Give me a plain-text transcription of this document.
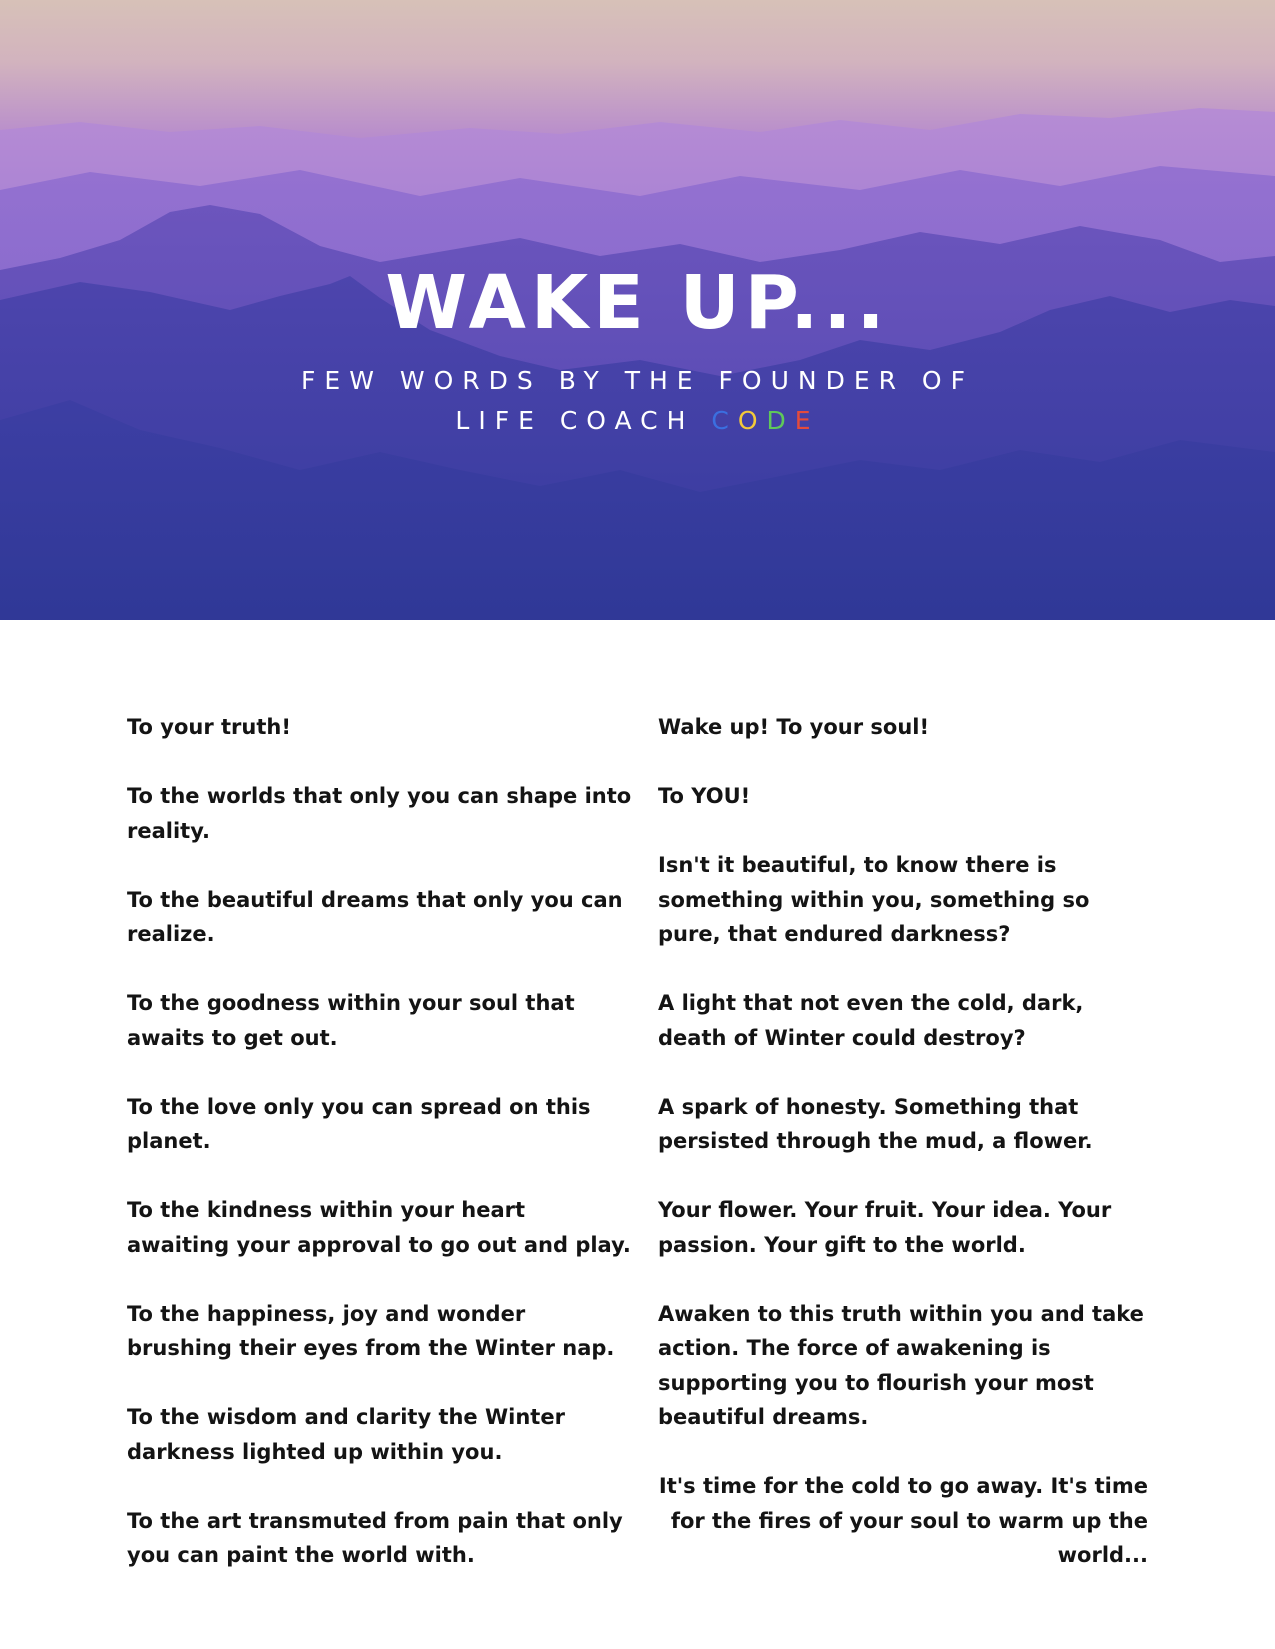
WAKE UP...

FEW WORDS BY THE FOUNDER OF

LIFE COACH CODE

To your truth!

To the worlds that only you can shape into reality.

To the beautiful dreams that only you can realize.

To the goodness within your soul that awaits to get out.

To the love only you can spread on this planet.

To the kindness within your heart awaiting your approval to go out and play.

To the happiness, joy and wonder brushing their eyes from the Winter nap.

To the wisdom and clarity the Winter darkness lighted up within you.

To the art transmuted from pain that only you can paint the world with.

Wake up! To your soul!

To YOU!

Isn't it beautiful, to know there is something within you, something so pure, that endured darkness?

A light that not even the cold, dark, death of Winter could destroy?

A spark of honesty. Something that persisted through the mud, a flower.

Your flower. Your fruit. Your idea. Your passion. Your gift to the world.

Awaken to this truth within you and take action. The force of awakening is supporting you to flourish your most beautiful dreams.

It's time for the cold to go away. It's time for the fires of your soul to warm up the world...
